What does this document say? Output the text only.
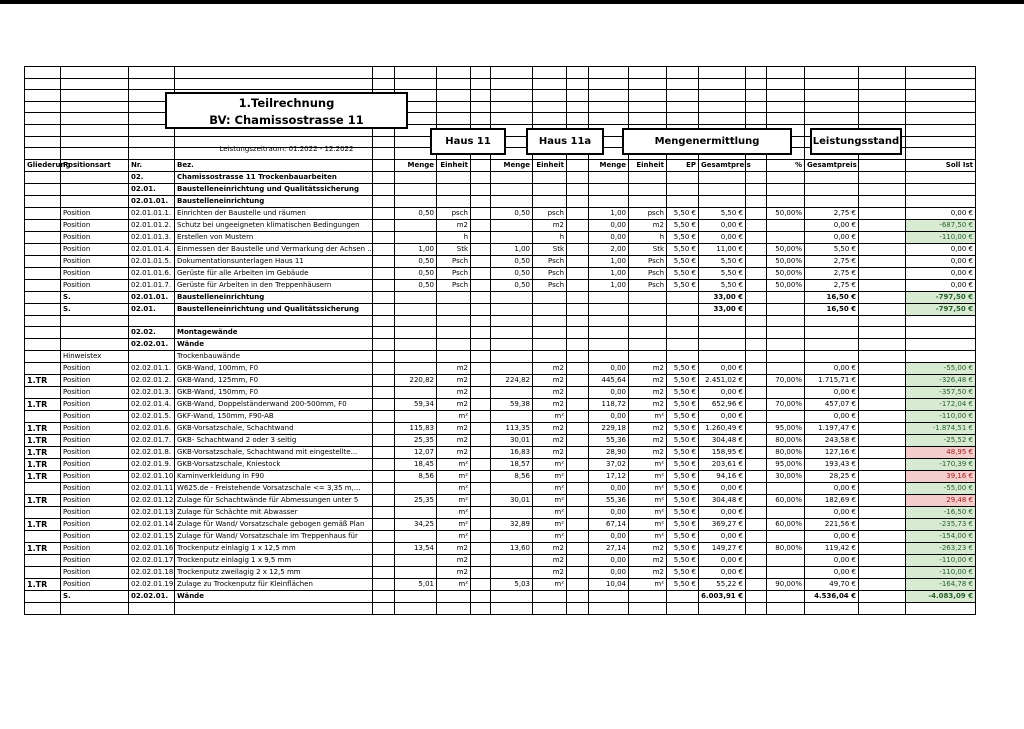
Gliederung	Positionsart	Nr.	Bez.		Menge	Einheit		Menge	Einheit		Menge	Einheit	EP	Gesamtpreis		%	Gesamtpreis		Soll Ist
		02.	Chamissostrasse 11 Trockenbauarbeiten																
		02.01.	Baustelleneinrichtung und Qualitätssicherung																
		02.01.01.	Baustelleneinrichtung																
	Position	02.01.01.1.	Einrichten der Baustelle und räumen		0,50	psch		0,50	psch		1,00	psch	5,50 €	5,50 €		50,00%	2,75 €		0,00 €
	Position	02.01.01.2.	Schutz bei ungeeigneten klimatischen Bedingungen			m2			m2		0,00	m2	5,50 €	0,00 €			0,00 €		-687,50 €
	Position	02.01.01.3.	Erstellen von Mustern			h			h		0,00	h	5,50 €	0,00 €			0,00 €		-110,00 €
	Position	02.01.01.4.	Einmessen der Baustelle und Vermarkung der Achsen ...		1,00	Stk		1,00	Stk		2,00	Stk	5,50 €	11,00 €		50,00%	5,50 €		0,00 €
	Position	02.01.01.5.	Dokumentationsunterlagen Haus 11		0,50	Psch		0,50	Psch		1,00	Psch	5,50 €	5,50 €		50,00%	2,75 €		0,00 €
	Position	02.01.01.6.	Gerüste für alle Arbeiten im Gebäude		0,50	Psch		0,50	Psch		1,00	Psch	5,50 €	5,50 €		50,00%	2,75 €		0,00 €
	Position	02.01.01.7.	Gerüste für Arbeiten in den Treppenhäusern		0,50	Psch		0,50	Psch		1,00	Psch	5,50 €	5,50 €		50,00%	2,75 €		0,00 €
	S.	02.01.01.	Baustelleneinrichtung											33,00 €			16,50 €		-797,50 €
	S.	02.01.	Baustelleneinrichtung und Qualitätssicherung											33,00 €			16,50 €		-797,50 €

		02.02.	Montagewände																
		02.02.01.	Wände																
	Hinweistex		Trockenbauwände																
	Position	02.02.01.1.	GKB-Wand, 100mm, F0			m2			m2		0,00	m2	5,50 €	0,00 €			0,00 €		-55,00 €
1.TR	Position	02.02.01.2.	GKB-Wand, 125mm, F0		220,82	m2		224,82	m2		445,64	m2	5,50 €	2.451,02 €		70,00%	1.715,71 €		-326,48 €
	Position	02.02.01.3.	GKB-Wand, 150mm, F0			m2			m2		0,00	m2	5,50 €	0,00 €			0,00 €		-357,50 €
1.TR	Position	02.02.01.4.	GKB-Wand, Doppelständerwand 200-500mm, F0		59,34	m2		59,38	m2		118,72	m2	5,50 €	652,96 €		70,00%	457,07 €		-172,04 €
	Position	02.02.01.5.	GKF-Wand, 150mm, F90-AB			m²			m²		0,00	m²	5,50 €	0,00 €			0,00 €		-110,00 €
1.TR	Position	02.02.01.6.	GKB-Vorsatzschale, Schachtwand		115,83	m2		113,35	m2		229,18	m2	5,50 €	1.260,49 €		95,00%	1.197,47 €		-1.874,51 €
1.TR	Position	02.02.01.7.	GKB- Schachtwand 2 oder 3 seitig		25,35	m2		30,01	m2		55,36	m2	5,50 €	304,48 €		80,00%	243,58 €		-25,52 €
1.TR	Position	02.02.01.8.	GKB-Vorsatzschale, Schachtwand mit eingestellte...		12,07	m2		16,83	m2		28,90	m2	5,50 €	158,95 €		80,00%	127,16 €		48,95 €
1.TR	Position	02.02.01.9.	GKB-Vorsatzschale, Kniestock		18,45	m²		18,57	m²		37,02	m²	5,50 €	203,61 €		95,00%	193,43 €		-170,39 €
1.TR	Position	02.02.01.10.	Kaminverkleidung in F90		8,56	m²		8,56	m²		17,12	m²	5,50 €	94,16 €		30,00%	28,25 €		39,16 €
	Position	02.02.01.11.	W625.de - Freistehende Vorsatzschale <= 3,35 m,...			m²			m²		0,00	m²	5,50 €	0,00 €			0,00 €		-55,00 €
1.TR	Position	02.02.01.12.	Zulage für Schachtwände für Abmessungen unter 5		25,35	m²		30,01	m²		55,36	m²	5,50 €	304,48 €		60,00%	182,69 €		29,48 €
	Position	02.02.01.13.	Zulage für Schächte mit Abwasser			m²			m²		0,00	m²	5,50 €	0,00 €			0,00 €		-16,50 €
1.TR	Position	02.02.01.14.	Zulage für Wand/ Vorsatzschale gebogen gemäß Plan		34,25	m²		32,89	m²		67,14	m²	5,50 €	369,27 €		60,00%	221,56 €		-235,73 €
	Position	02.02.01.15.	Zulage für Wand/ Vorsatzschale im Treppenhaus für			m²			m²		0,00	m²	5,50 €	0,00 €			0,00 €		-154,00 €
1.TR	Position	02.02.01.16.	Trockenputz einlagig 1 x 12,5 mm		13,54	m2		13,60	m2		27,14	m2	5,50 €	149,27 €		80,00%	119,42 €		-263,23 €
	Position	02.02.01.17.	Trockenputz einlagig 1 x 9,5 mm			m2			m2		0,00	m2	5,50 €	0,00 €			0,00 €		-110,00 €
	Position	02.02.01.18.	Trockenputz zweilagig 2 x 12,5 mm			m2			m2		0,00	m2	5,50 €	0,00 €			0,00 €		-110,00 €
1.TR	Position	02.02.01.19.	Zulage zu Trockenputz für Kleinflächen		5,01	m²		5,03	m²		10,04	m²	5,50 €	55,22 €		90,00%	49,70 €		-164,78 €
	S.	02.02.01.	Wände											6.003,91 €			4.536,04 €		-4.083,09 €

1.Teilrechnung
BV: Chamissostrasse 11
Leistungszeitraum: 01.2022 - 12.2022
Haus 11	Haus 11a	Mengenermittlung	Leistungsstand
